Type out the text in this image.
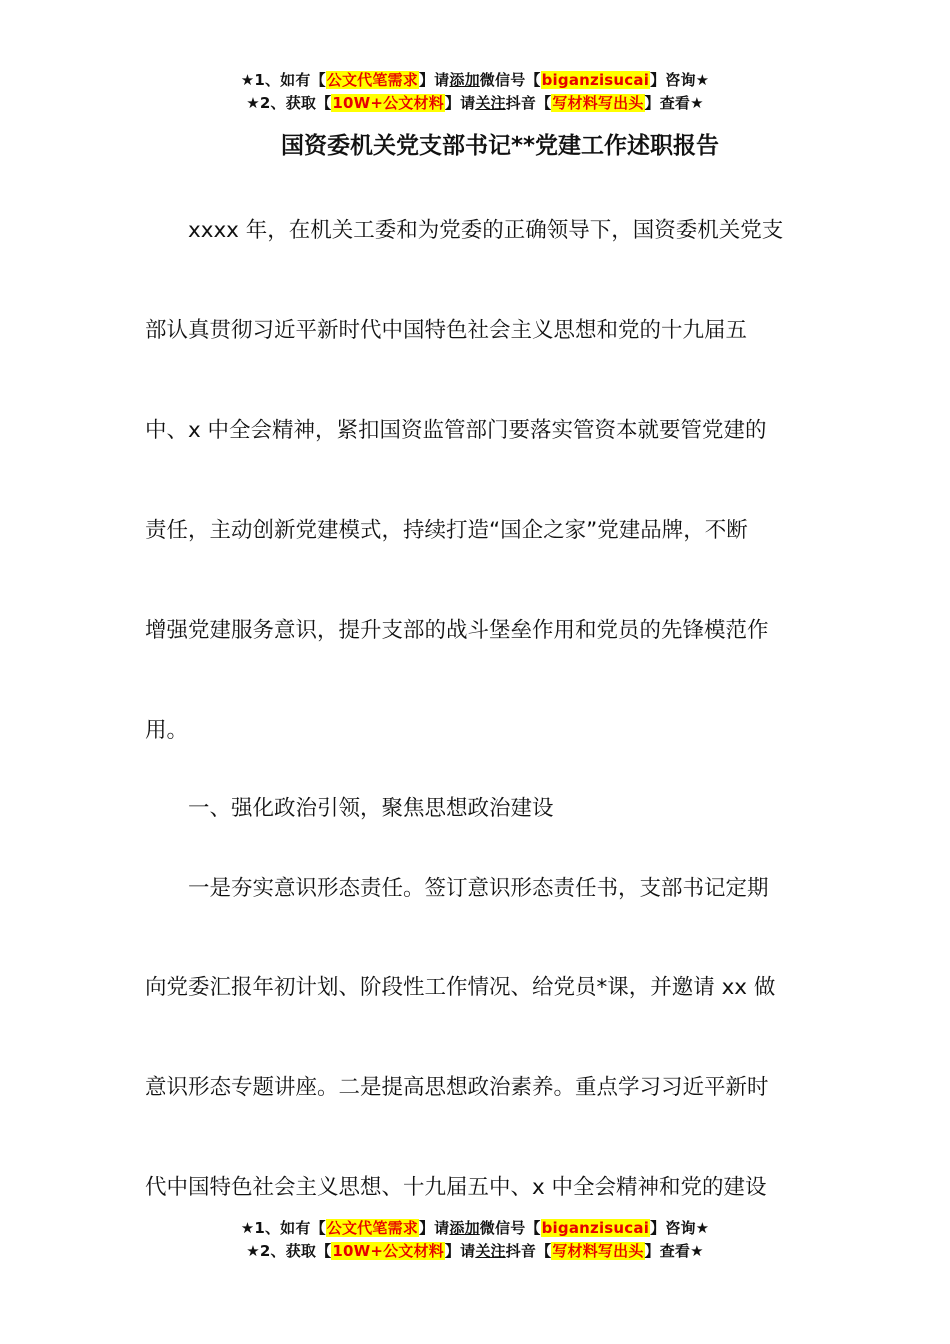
★1、如有【公文代笔需求】请添加微信号【biganzisucai】咨询★
★2、获取【10W+公文材料】请关注抖音【写材料写出头】查看★
国资委机关党支部书记**党建工作述职报告
xxxx 年，在机关工委和为党委的正确领导下，国资委机关党支
部认真贯彻习近平新时代中国特色社会主义思想和党的十九届五
中、x 中全会精神，紧扣国资监管部门要落实管资本就要管党建的
责任，主动创新党建模式，持续打造“国企之家”党建品牌，不断
增强党建服务意识，提升支部的战斗堡垒作用和党员的先锋模范作
用。
一、强化政治引领，聚焦思想政治建设
一是夯实意识形态责任。签订意识形态责任书，支部书记定期
向党委汇报年初计划、阶段性工作情况、给党员*课，并邀请 xx 做
意识形态专题讲座。二是提高思想政治素养。重点学习习近平新时
代中国特色社会主义思想、十九届五中、x 中全会精神和党的建设
★1、如有【公文代笔需求】请添加微信号【biganzisucai】咨询★
★2、获取【10W+公文材料】请关注抖音【写材料写出头】查看★
